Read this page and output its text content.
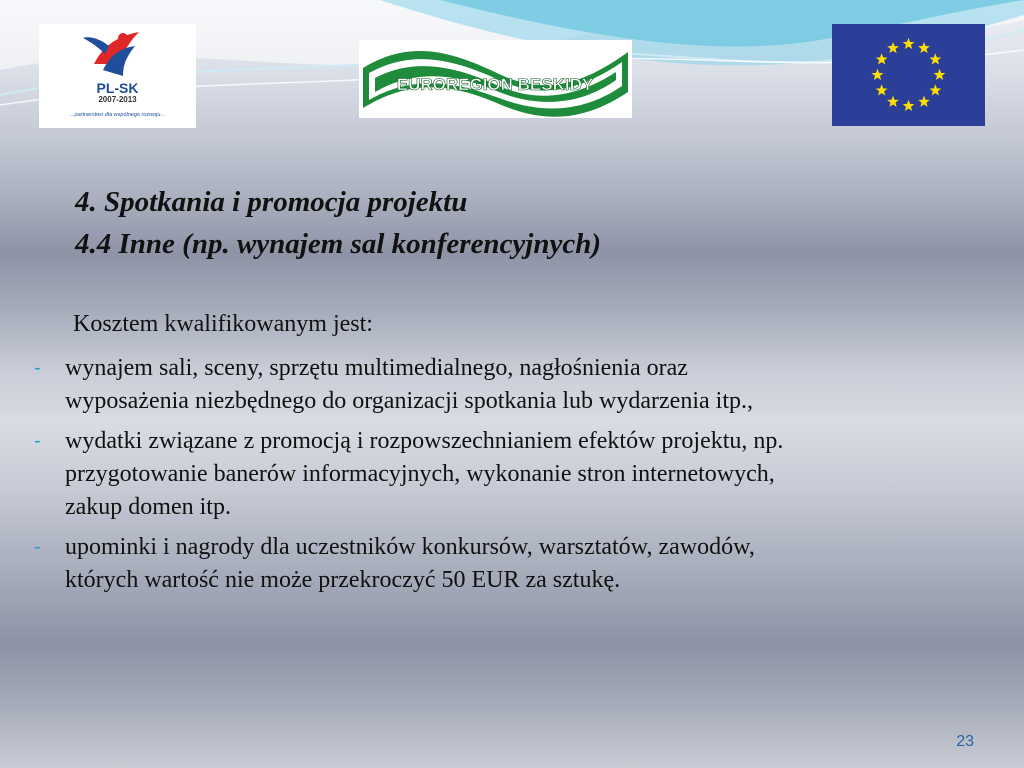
PL-SK
2007-2013
...partnerstwo dla wspólnego rozwoju...
EUROREGION BESKIDY
4. Spotkania i promocja projektu
4.4 Inne (np. wynajem sal konferencyjnych)
Kosztem kwalifikowanym jest:
- wynajem sali, sceny, sprzętu multimedialnego, nagłośnienia oraz
wyposażenia niezbędnego do organizacji spotkania lub wydarzenia itp.,
- wydatki związane z promocją i rozpowszechnianiem efektów projektu, np.
przygotowanie banerów informacyjnych, wykonanie stron internetowych,
zakup domen itp.
- upominki i nagrody dla uczestników konkursów, warsztatów, zawodów,
których wartość nie może przekroczyć 50 EUR za sztukę.
23
